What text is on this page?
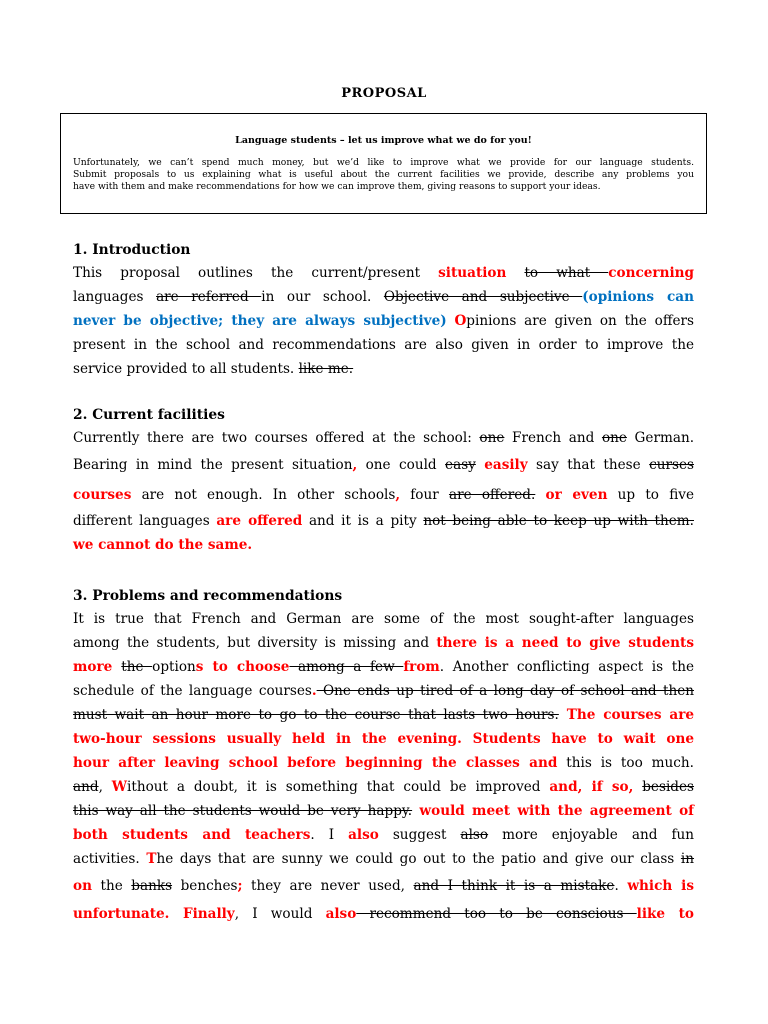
PROPOSAL
Language students – let us improve what we do for you!
Unfortunately, we can’t spend much money, but we’d like to improve what we provide for our language students.
Submit proposals to us explaining what is useful about the current facilities we provide, describe any problems you
have with them and make recommendations for how we can improve them, giving reasons to support your ideas.
1. Introduction
This proposal outlines the current/present situation to what concerning
languages are referred in our school. Objective and subjective (opinions can
never be objective; they are always subjective) Opinions are given on the offers
present in the school and recommendations are also given in order to improve the
service provided to all students. like me.
2. Current facilities
Currently there are two courses offered at the school: one French and one German.
Bearing in mind the present situation, one could easy easily say that these curses
courses are not enough. In other schools, four are offered. or even up to five
different languages are offered and it is a pity not being able to keep up with them.
we cannot do the same.
3. Problems and recommendations
It is true that French and German are some of the most sought-after languages
among the students, but diversity is missing and there is a need to give students
more the options to choose among a few from. Another conflicting aspect is the
schedule of the language courses. One ends up tired of a long day of school and then
must wait an hour more to go to the course that lasts two hours. The courses are
two-hour sessions usually held in the evening. Students have to wait one
hour after leaving school before beginning the classes and this is too much.
and, Without a doubt, it is something that could be improved and, if so, besides
this way all the students would be very happy. would meet with the agreement of
both students and teachers. I also suggest also more enjoyable and fun
activities. The days that are sunny we could go out to the patio and give our class in
on the banks benches; they are never used, and I think it is a mistake. which is
unfortunate. Finally, I would also recommend too to be conscious like to
